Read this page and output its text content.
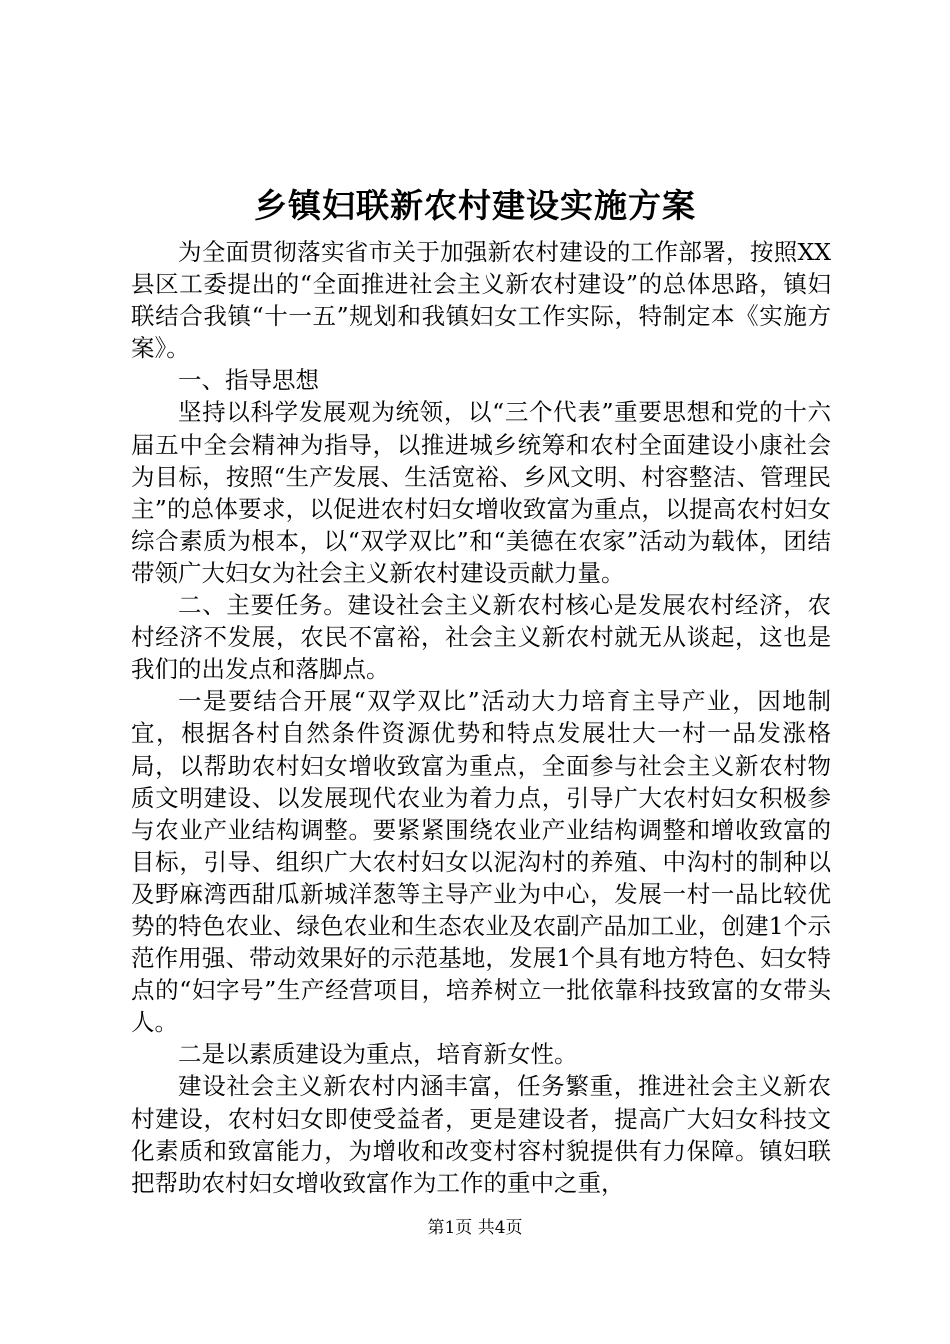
乡镇妇联新农村建设实施方案

为全面贯彻落实省市关于加强新农村建设的工作部署，按照XX县区工委提出的“全面推进社会主义新农村建设”的总体思路，镇妇联结合我镇“十一五”规划和我镇妇女工作实际，特制定本《实施方案》。

一、指导思想

坚持以科学发展观为统领，以“三个代表”重要思想和党的十六届五中全会精神为指导，以推进城乡统筹和农村全面建设小康社会为目标，按照“生产发展、生活宽裕、乡风文明、村容整洁、管理民主”的总体要求，以促进农村妇女增收致富为重点，以提高农村妇女综合素质为根本，以“双学双比”和“美德在农家”活动为载体，团结带领广大妇女为社会主义新农村建设贡献力量。

二、主要任务。建设社会主义新农村核心是发展农村经济，农村经济不发展，农民不富裕，社会主义新农村就无从谈起，这也是我们的出发点和落脚点。

一是要结合开展“双学双比”活动大力培育主导产业，因地制宜，根据各村自然条件资源优势和特点发展壮大一村一品发涨格局，以帮助农村妇女增收致富为重点，全面参与社会主义新农村物质文明建设、以发展现代农业为着力点，引导广大农村妇女积极参与农业产业结构调整。要紧紧围绕农业产业结构调整和增收致富的目标，引导、组织广大农村妇女以泥沟村的养殖、中沟村的制种以及野麻湾西甜瓜新城洋葱等主导产业为中心，发展一村一品比较优势的特色农业、绿色农业和生态农业及农副产品加工业，创建1个示范作用强、带动效果好的示范基地，发展1个具有地方特色、妇女特点的“妇字号”生产经营项目，培养树立一批依靠科技致富的女带头人。

二是以素质建设为重点，培育新女性。

建设社会主义新农村内涵丰富，任务繁重，推进社会主义新农村建设，农村妇女即使受益者，更是建设者，提高广大妇女科技文化素质和致富能力，为增收和改变村容村貌提供有力保障。镇妇联把帮助农村妇女增收致富作为工作的重中之重，

第1页 共4页
